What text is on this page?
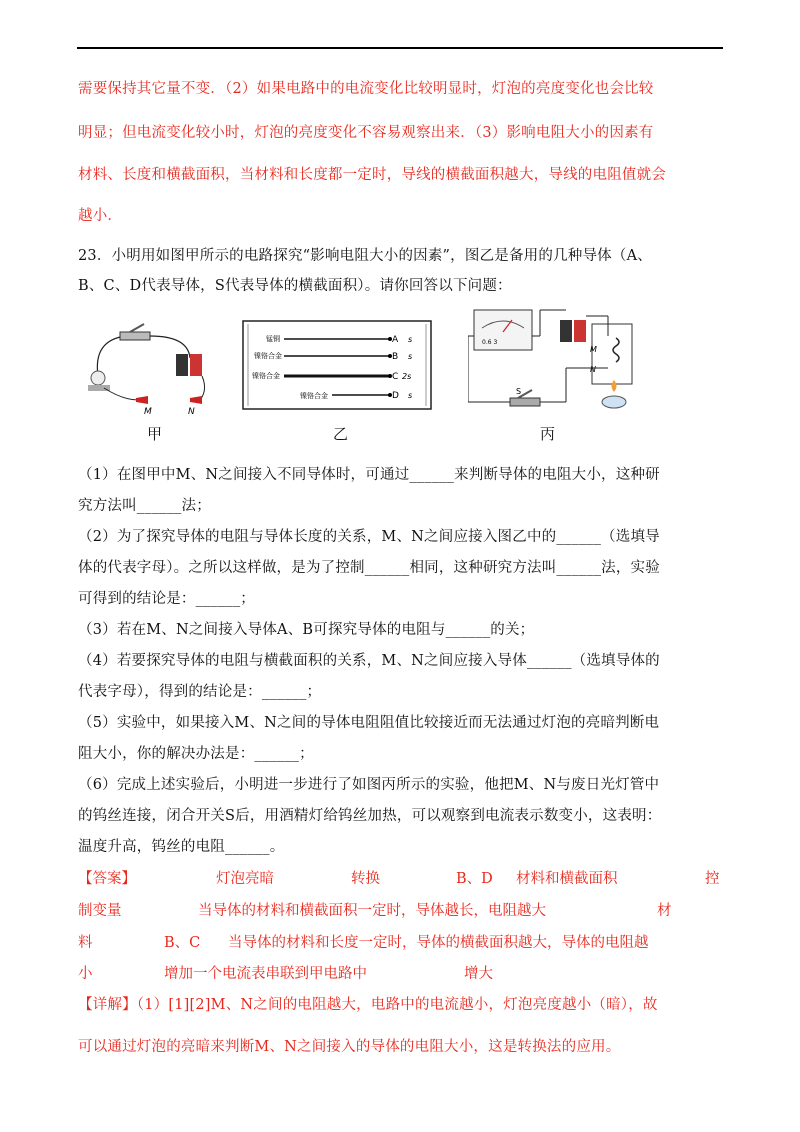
需要保持其它量不变．（2）如果电路中的电流变化比较明显时，灯泡的亮度变化也会比较
明显；但电流变化较小时，灯泡的亮度变化不容易观察出来．（3）影响电阻大小的因素有
材料、长度和横截面积，当材料和长度都一定时，导线的横截面积越大，导线的电阻值就会
越小．
23．小明用如图甲所示的电路探究“影响电阻大小的因素”，图乙是备用的几种导体（A、
B、C、D代表导体，S代表导体的横截面积）。请你回答以下问题：
M	N
甲
锰铜	A s
镍铬合金	B s
镍铬合金	C 2s
镍铬合金	D s
乙
0.6 3
M
N
S
丙
（1）在图甲中M、N之间接入不同导体时，可通过______来判断导体的电阻大小，这种研
究方法叫______法；
（2）为了探究导体的电阻与导体长度的关系，M、N之间应接入图乙中的______（选填导
体的代表字母）。之所以这样做，是为了控制______相同，这种研究方法叫______法，实验
可得到的结论是：______；
（3）若在M、N之间接入导体A、B可探究导体的电阻与______的关；
（4）若要探究导体的电阻与横截面积的关系，M、N之间应接入导体______（选填导体的
代表字母），得到的结论是：______；
（5）实验中，如果接入M、N之间的导体电阻阻值比较接近而无法通过灯泡的亮暗判断电
阻大小，你的解决办法是：______；
（6）完成上述实验后，小明进一步进行了如图丙所示的实验，他把M、N与废日光灯管中
的钨丝连接，闭合开关S后，用酒精灯给钨丝加热，可以观察到电流表示数变小，这表明：
温度升高，钨丝的电阻______。
【答案】	灯泡亮暗	转换	B、D 材料和横截面积	控
制变量	当导体的材料和横截面积一定时，导体越长，电阻越大	材
料	B、C 当导体的材料和长度一定时，导体的横截面积越大，导体的电阻越
小	增加一个电流表串联到甲电路中	增大
【详解】（1）[1][2]M、N之间的电阻越大，电路中的电流越小，灯泡亮度越小（暗），故
可以通过灯泡的亮暗来判断M、N之间接入的导体的电阻大小，这是转换法的应用。
